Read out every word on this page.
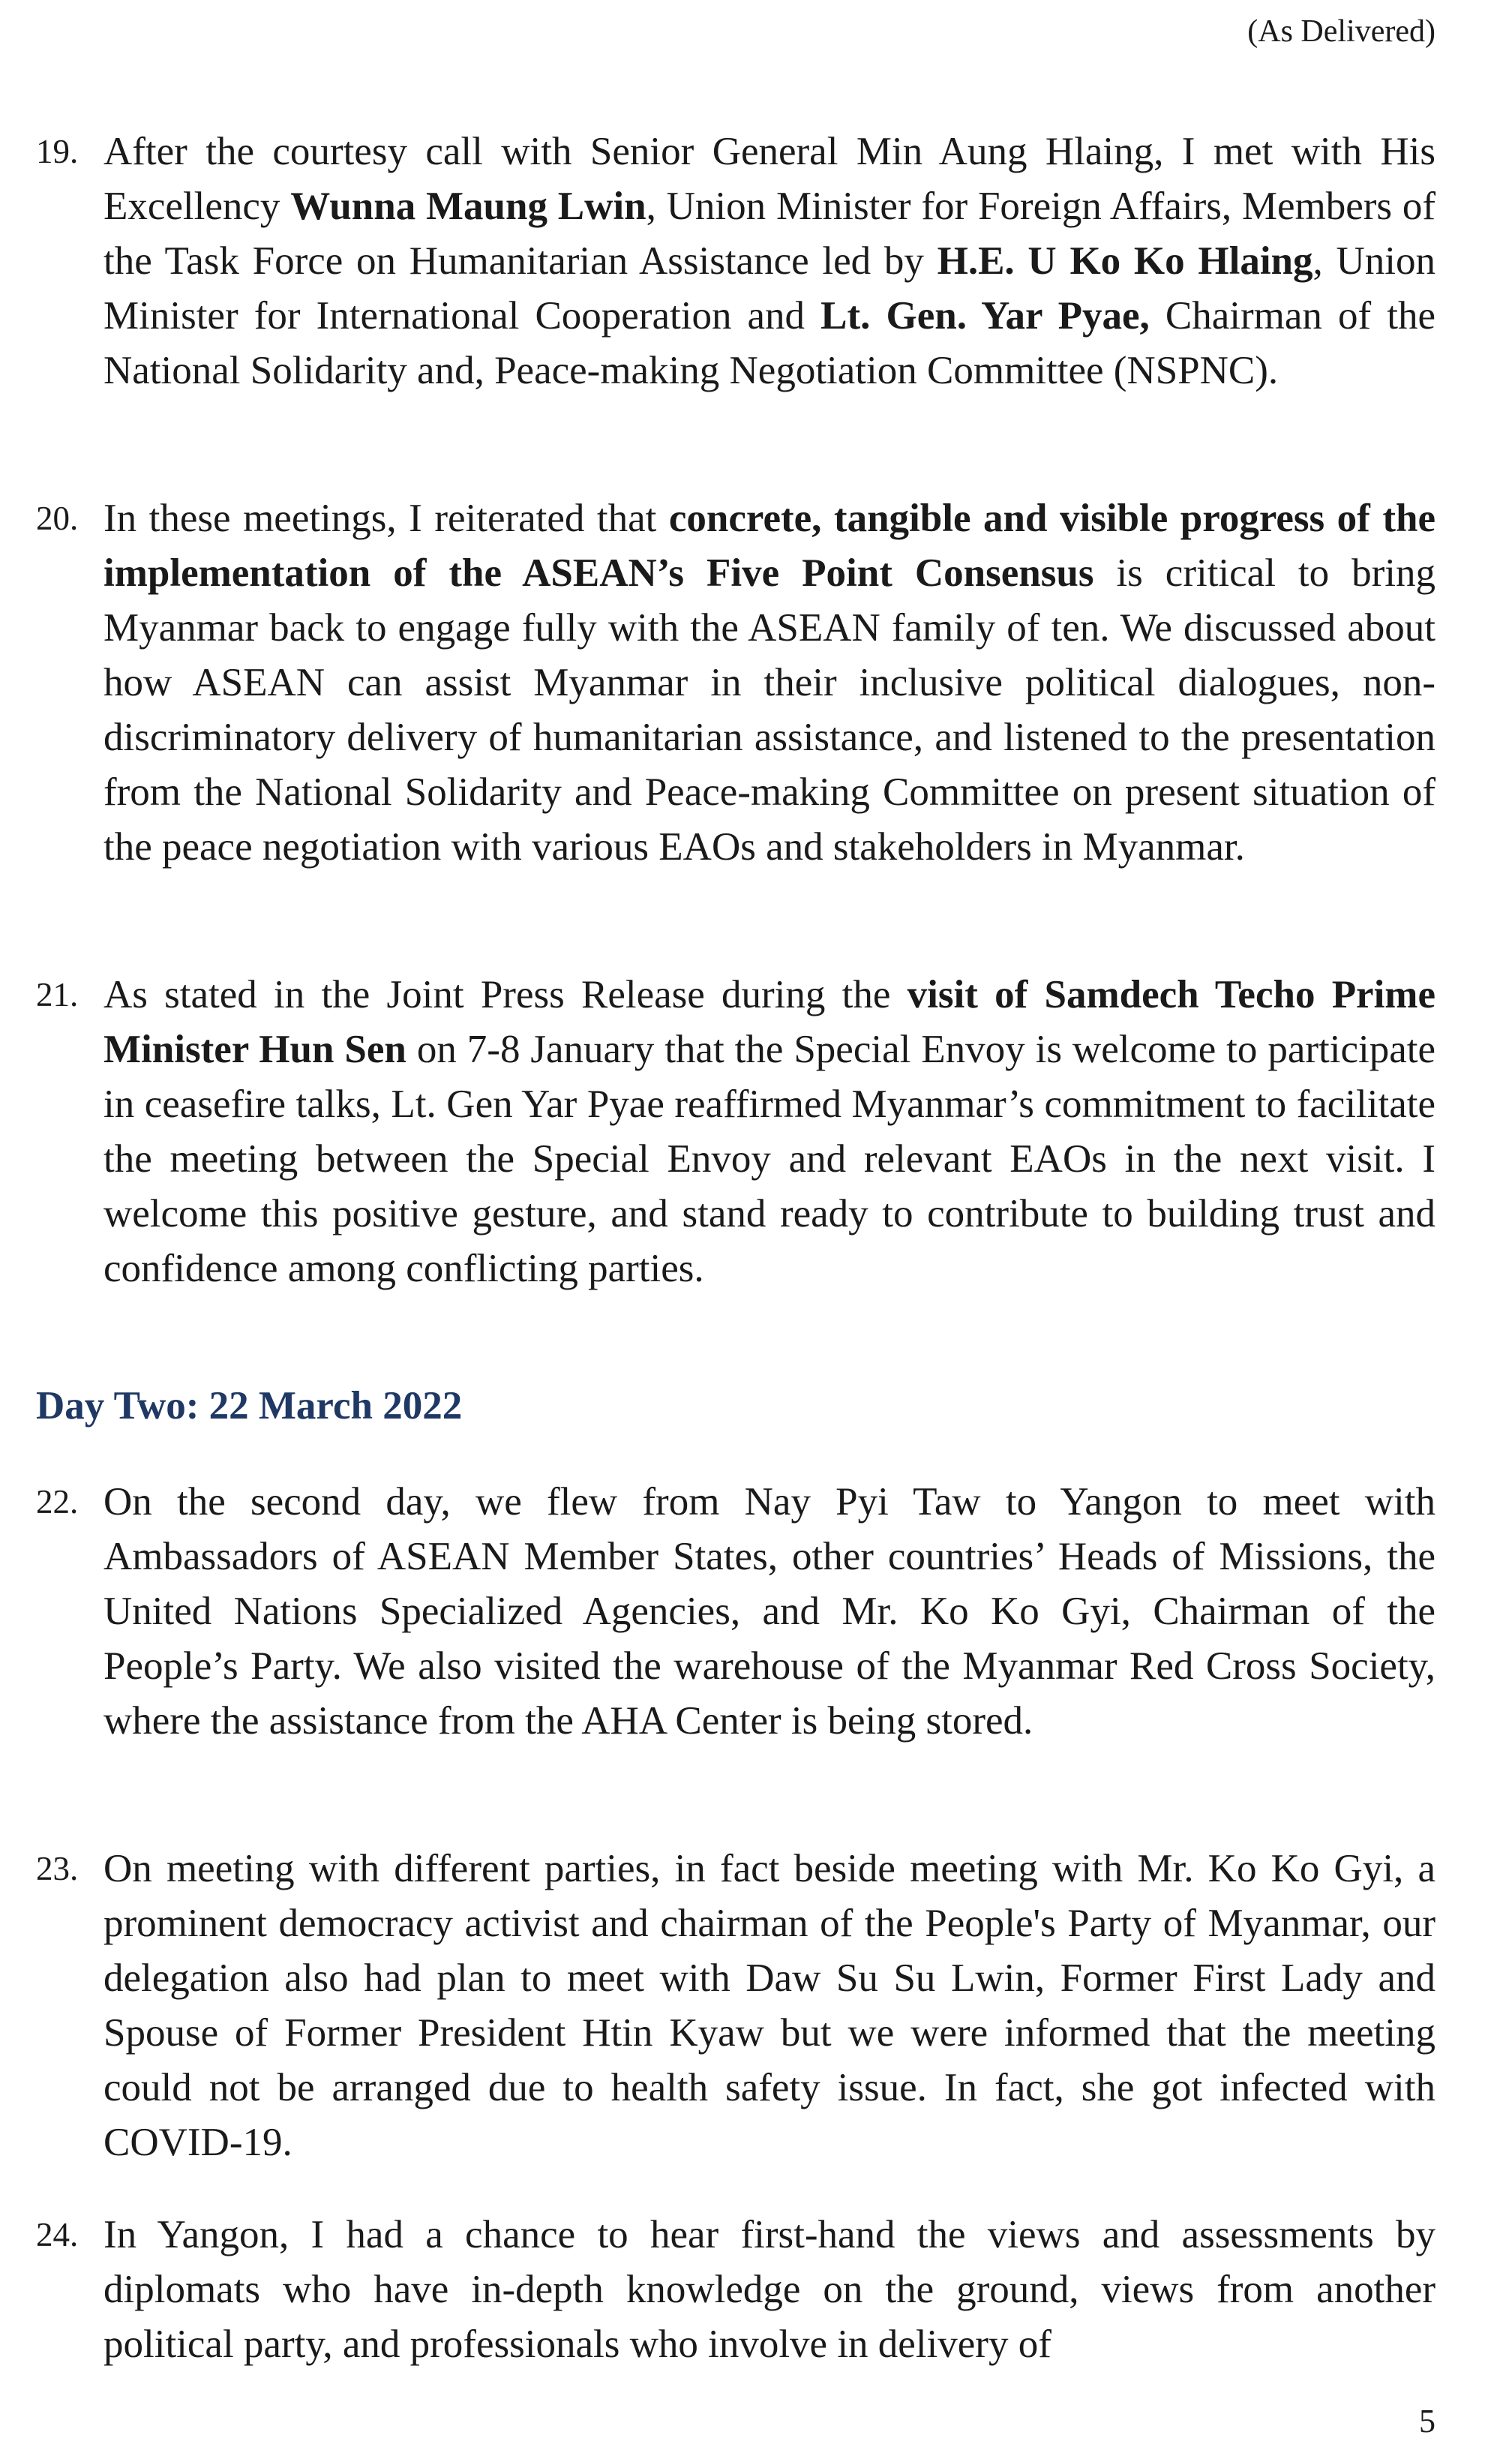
(As Delivered)
19. After the courtesy call with Senior General Min Aung Hlaing, I met with His Excellency Wunna Maung Lwin, Union Minister for Foreign Affairs, Members of the Task Force on Humanitarian Assistance led by H.E. U Ko Ko Hlaing, Union Minister for International Cooperation and Lt. Gen. Yar Pyae, Chairman of the National Solidarity and, Peace-making Negotiation Committee (NSPNC).
20. In these meetings, I reiterated that concrete, tangible and visible progress of the implementation of the ASEAN’s Five Point Consensus is critical to bring Myanmar back to engage fully with the ASEAN family of ten. We discussed about how ASEAN can assist Myanmar in their inclusive political dialogues, non-discriminatory delivery of humanitarian assistance, and listened to the presentation from the National Solidarity and Peace-making Committee on present situation of the peace negotiation with various EAOs and stakeholders in Myanmar.
21. As stated in the Joint Press Release during the visit of Samdech Techo Prime Minister Hun Sen on 7-8 January that the Special Envoy is welcome to participate in ceasefire talks, Lt. Gen Yar Pyae reaffirmed Myanmar’s commitment to facilitate the meeting between the Special Envoy and relevant EAOs in the next visit. I welcome this positive gesture, and stand ready to contribute to building trust and confidence among conflicting parties.
Day Two: 22 March 2022
22. On the second day, we flew from Nay Pyi Taw to Yangon to meet with Ambassadors of ASEAN Member States, other countries’ Heads of Missions, the United Nations Specialized Agencies, and Mr. Ko Ko Gyi, Chairman of the People’s Party. We also visited the warehouse of the Myanmar Red Cross Society, where the assistance from the AHA Center is being stored.
23. On meeting with different parties, in fact beside meeting with Mr. Ko Ko Gyi, a prominent democracy activist and chairman of the People's Party of Myanmar, our delegation also had plan to meet with Daw Su Su Lwin, Former First Lady and Spouse of Former President Htin Kyaw but we were informed that the meeting could not be arranged due to health safety issue. In fact, she got infected with COVID-19.
24. In Yangon, I had a chance to hear first-hand the views and assessments by diplomats who have in-depth knowledge on the ground, views from another political party, and professionals who involve in delivery of
5
